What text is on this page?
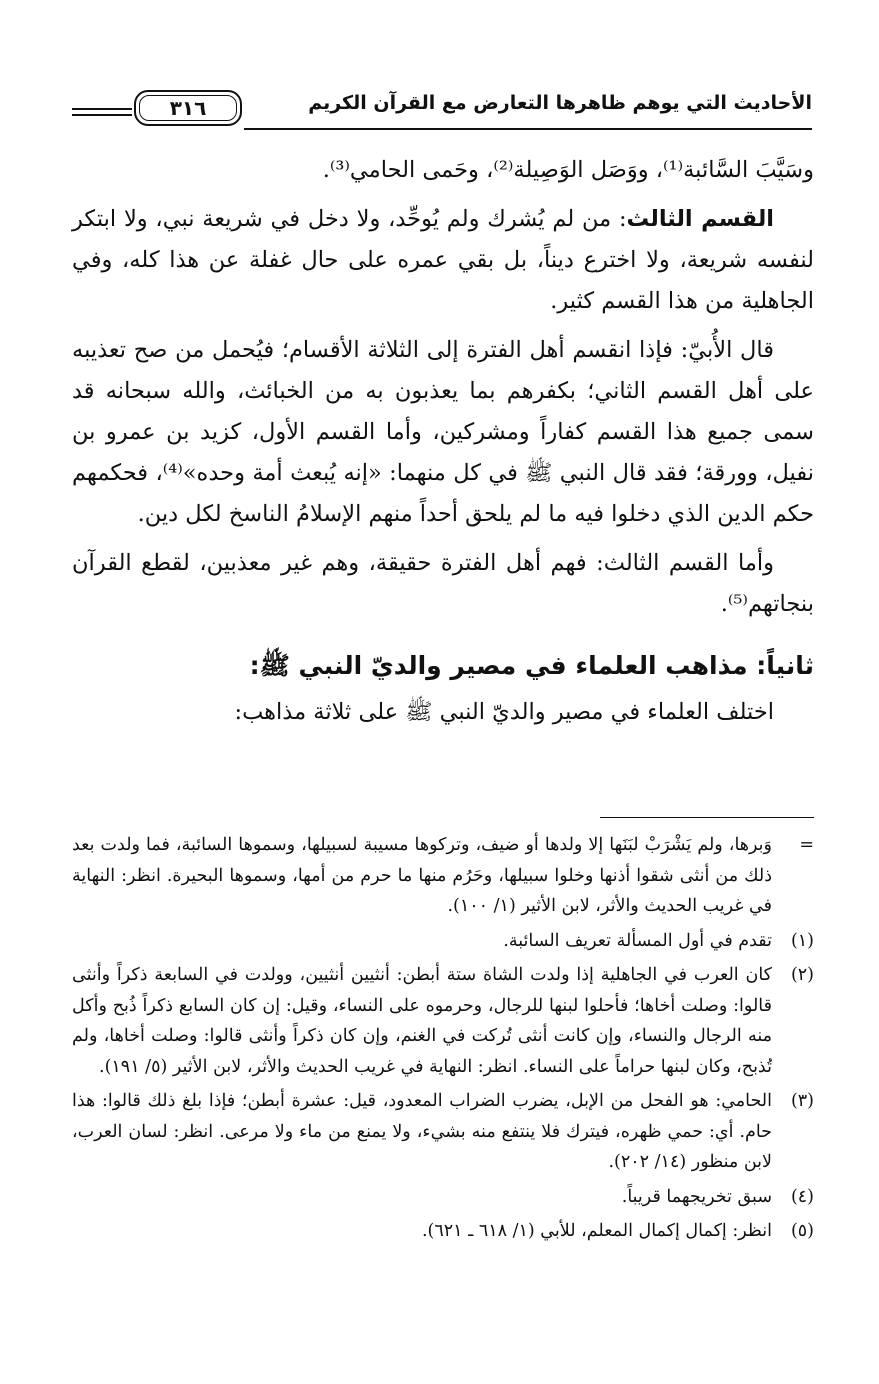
٣١٦	الأحاديث التي يوهم ظاهرها التعارض مع القرآن الكريم

وسَيَّبَ السَّائبة⁽¹⁾، ووَصَل الوَصِيلة⁽²⁾، وحَمى الحامي⁽³⁾.

القسم الثالث: من لم يُشرك ولم يُوحِّد، ولا دخل في شريعة نبي، ولا ابتكر لنفسه شريعة، ولا اخترع ديناً، بل بقي عمره على حال غفلة عن هذا كله، وفي الجاهلية من هذا القسم كثير.

قال الأُبيّ: فإذا انقسم أهل الفترة إلى الثلاثة الأقسام؛ فيُحمل من صح تعذيبه على أهل القسم الثاني؛ بكفرهم بما يعذبون به من الخبائث، والله سبحانه قد سمى جميع هذا القسم كفاراً ومشركين، وأما القسم الأول، كزيد بن عمرو بن نفيل، وورقة؛ فقد قال النبي ﷺ في كل منهما: «إنه يُبعث أمة وحده»⁽⁴⁾، فحكمهم حكم الدين الذي دخلوا فيه ما لم يلحق أحداً منهم الإسلامُ الناسخ لكل دين.

وأما القسم الثالث: فهم أهل الفترة حقيقة، وهم غير معذبين، لقطع القرآن بنجاتهم⁽⁵⁾.

ثانياً: مذاهب العلماء في مصير والديّ النبي ﷺ:

اختلف العلماء في مصير والديّ النبي ﷺ على ثلاثة مذاهب:

=
وَبرها، ولم يَشْرَبْ لبَنَها إلا ولدها أو ضيف، وتركوها مسيبة لسبيلها، وسموها السائبة، فما ولدت بعد ذلك من أنثى شقوا أذنها وخلوا سبيلها، وحَرُم منها ما حرم من أمها، وسموها البحيرة. انظر: النهاية في غريب الحديث والأثر، لابن الأثير (١/ ١٠٠).
(١)
تقدم في أول المسألة تعريف السائبة.
(٢)
كان العرب في الجاهلية إذا ولدت الشاة ستة أبطن: أنثيين أنثيين، وولدت في السابعة ذكراً وأنثى قالوا: وصلت أخاها؛ فأحلوا لبنها للرجال، وحرموه على النساء، وقيل: إن كان السابع ذكراً ذُبح وأكل منه الرجال والنساء، وإن كانت أنثى تُركت في الغنم، وإن كان ذكراً وأنثى قالوا: وصلت أخاها، ولم تُذبح، وكان لبنها حراماً على النساء. انظر: النهاية في غريب الحديث والأثر، لابن الأثير (٥/ ١٩١).
(٣)
الحامي: هو الفحل من الإبل، يضرب الضراب المعدود، قيل: عشرة أبطن؛ فإذا بلغ ذلك قالوا: هذا حام. أي: حمي ظهره، فيترك فلا ينتفع منه بشيء، ولا يمنع من ماء ولا مرعى. انظر: لسان العرب، لابن منظور (١٤/ ٢٠٢).
(٤)
سبق تخريجهما قريباً.
(٥)
انظر: إكمال إكمال المعلم، للأبي (١/ ٦١٨ ـ ٦٢١).
